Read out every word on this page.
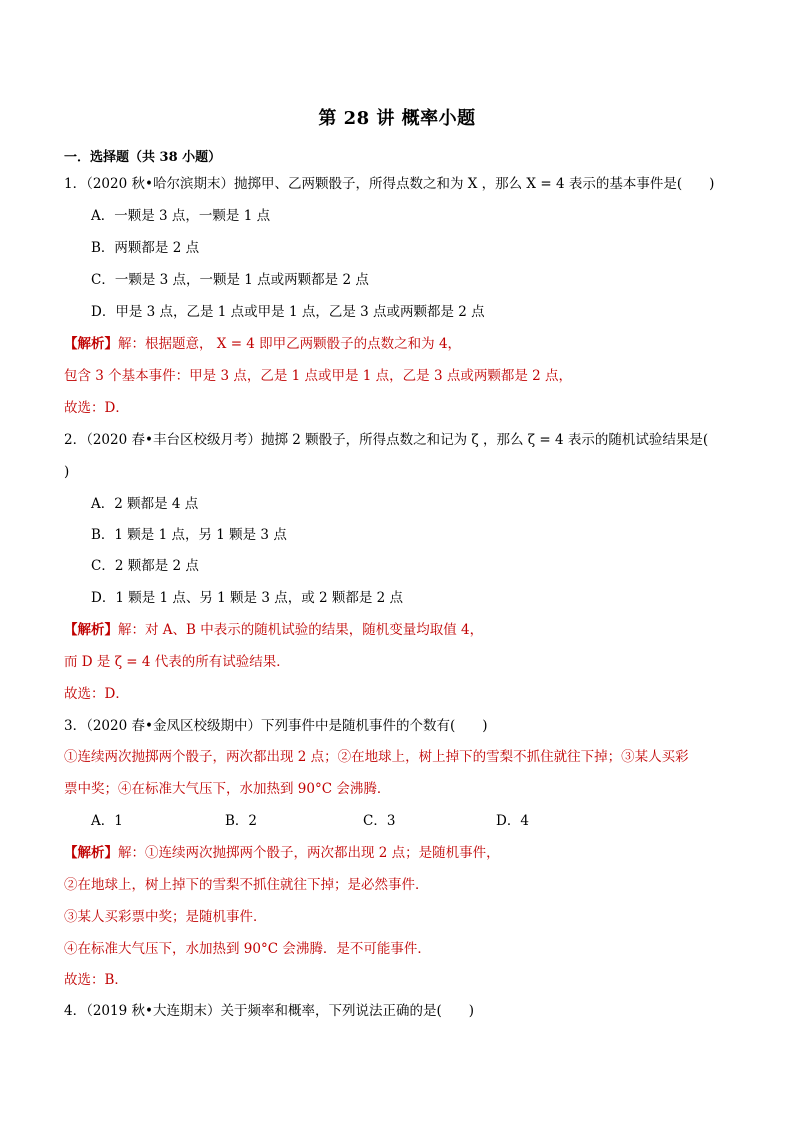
第 28 讲 概率小题
一．选择题（共 38 小题）
1．（2020 秋•哈尔滨期末）抛掷甲、乙两颗骰子，所得点数之和为 X ，那么 X = 4 表示的基本事件是(　　)
A．一颗是 3 点，一颗是 1 点
B．两颗都是 2 点
C．一颗是 3 点，一颗是 1 点或两颗都是 2 点
D．甲是 3 点，乙是 1 点或甲是 1 点，乙是 3 点或两颗都是 2 点
【解析】解：根据题意， X = 4 即甲乙两颗骰子的点数之和为 4，
包含 3 个基本事件：甲是 3 点，乙是 1 点或甲是 1 点，乙是 3 点或两颗都是 2 点，
故选：D．
2．（2020 春•丰台区校级月考）抛掷 2 颗骰子，所得点数之和记为 ζ ，那么 ζ = 4 表示的随机试验结果是(
)
A．2 颗都是 4 点
B．1 颗是 1 点，另 1 颗是 3 点
C．2 颗都是 2 点
D．1 颗是 1 点、另 1 颗是 3 点，或 2 颗都是 2 点
【解析】解：对 A、B 中表示的随机试验的结果，随机变量均取值 4，
而 D 是 ζ = 4 代表的所有试验结果．
故选：D．
3．（2020 春•金凤区校级期中）下列事件中是随机事件的个数有(　　)
①连续两次抛掷两个骰子，两次都出现 2 点；②在地球上，树上掉下的雪梨不抓住就往下掉；③某人买彩
票中奖；④在标准大气压下，水加热到 90°C 会沸腾．
A．1	B．2	C．3	D．4
【解析】解：①连续两次抛掷两个骰子，两次都出现 2 点；是随机事件，
②在地球上，树上掉下的雪梨不抓住就往下掉；是必然事件．
③某人买彩票中奖；是随机事件．
④在标准大气压下，水加热到 90°C 会沸腾．是不可能事件．
故选：B．
4．（2019 秋•大连期末）关于频率和概率，下列说法正确的是(　　)
